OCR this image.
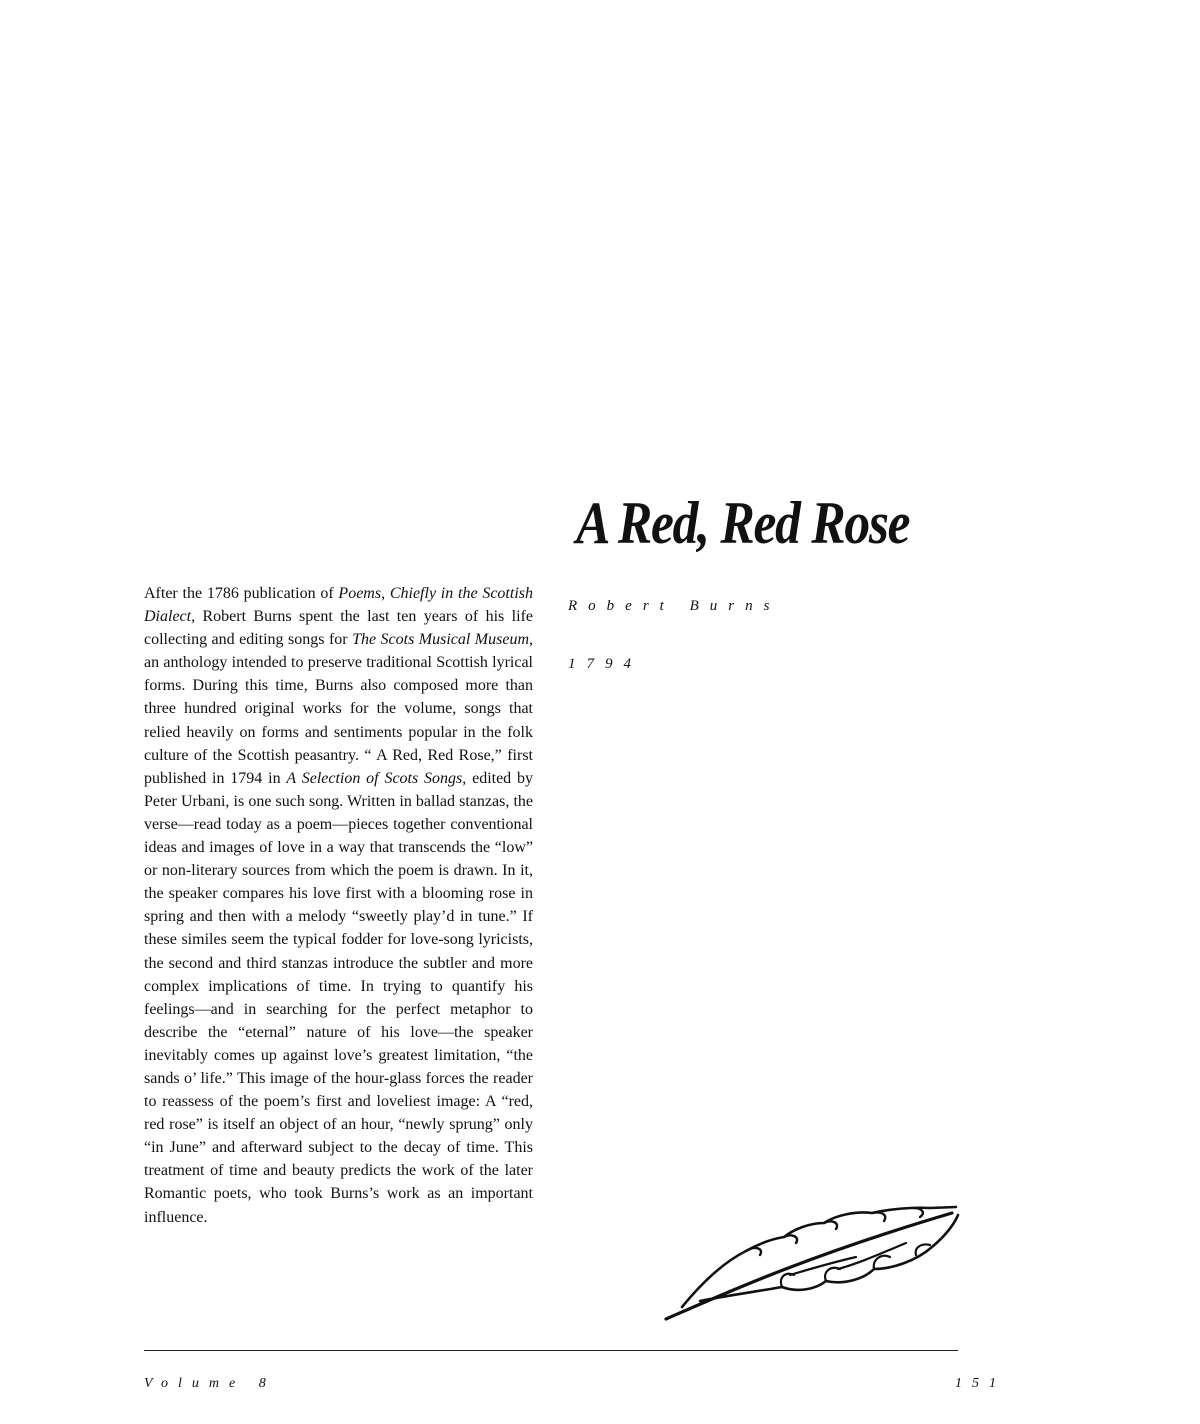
A Red, Red Rose
Robert Burns
1794

After the 1786 publication of Poems, Chiefly in the Scottish Dialect, Robert Burns spent the last ten years of his life collecting and editing songs for The Scots Musical Museum, an anthology intended to preserve traditional Scottish lyrical forms. During this time, Burns also composed more than three hundred original works for the volume, songs that relied heavily on forms and sentiments popular in the folk culture of the Scottish peasantry. “ A Red, Red Rose,” first published in 1794 in A Selection of Scots Songs, edited by Peter Urbani, is one such song. Written in ballad stanzas, the verse—read today as a poem—pieces together conventional ideas and images of love in a way that transcends the “low” or non-literary sources from which the poem is drawn. In it, the speaker compares his love first with a blooming rose in spring and then with a melody “sweetly play’d in tune.” If these similes seem the typical fodder for love-song lyricists, the second and third stanzas introduce the subtler and more complex implications of time. In trying to quantify his feelings—and in searching for the perfect metaphor to describe the “eternal” nature of his love—the speaker inevitably comes up against love’s greatest limitation, “the sands o’ life.” This image of the hour-glass forces the reader to reassess of the poem’s first and loveliest image: A “red, red rose” is itself an object of an hour, “newly sprung” only “in June” and afterward subject to the decay of time. This treatment of time and beauty predicts the work of the later Romantic poets, who took Burns’s work as an important influence.

Volume 8	151
